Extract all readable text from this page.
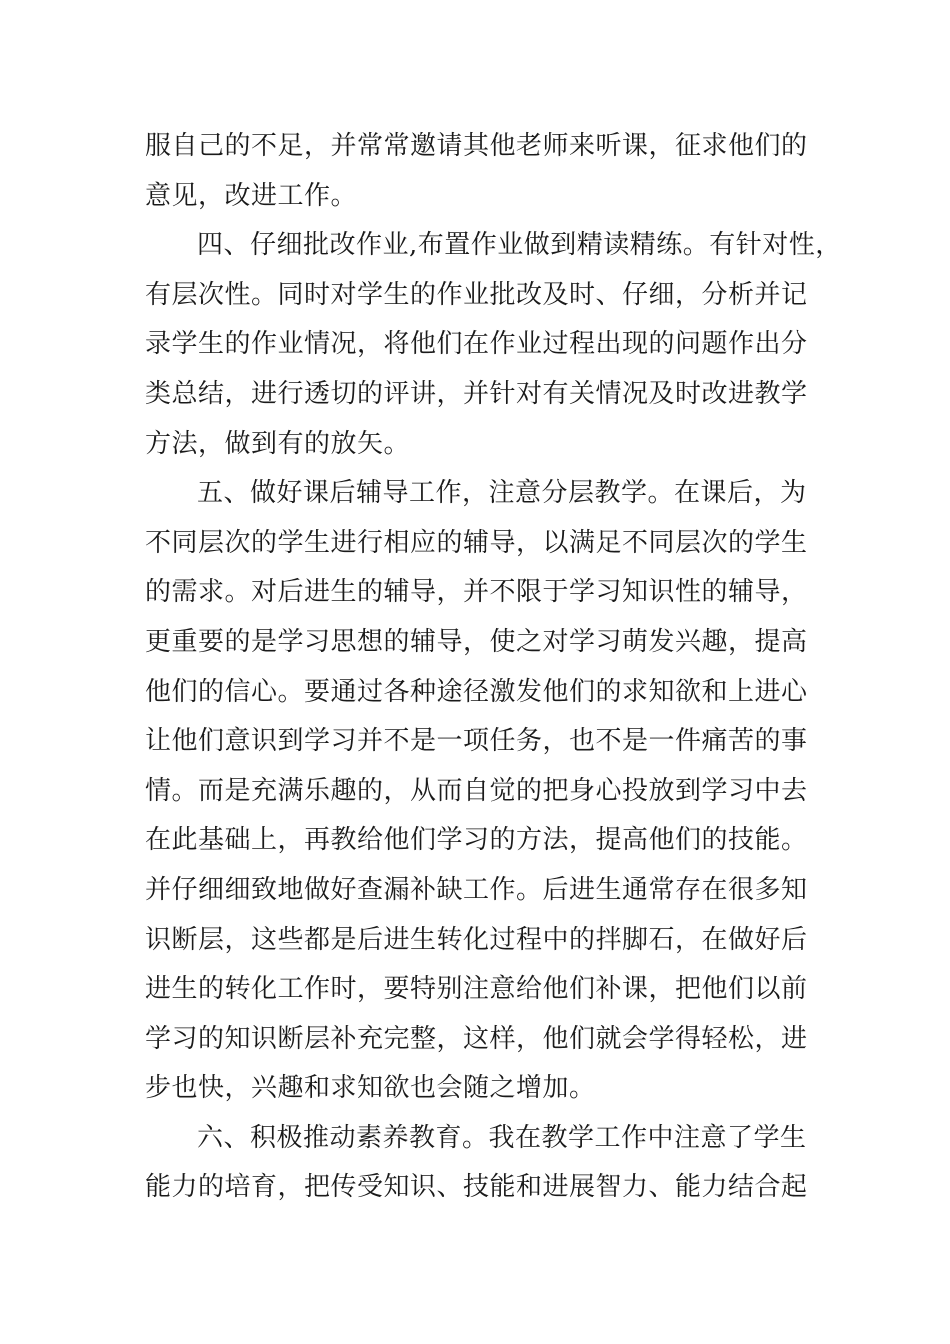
服自己的不足，并常常邀请其他老师来听课，征求他们的
意见，改进工作。
四、仔细批改作业,布置作业做到精读精练。有针对性，
有层次性。同时对学生的作业批改及时、仔细，分析并记
录学生的作业情况，将他们在作业过程出现的问题作出分
类总结，进行透切的评讲，并针对有关情况及时改进教学
方法，做到有的放矢。
五、做好课后辅导工作，注意分层教学。在课后，为
不同层次的学生进行相应的辅导，以满足不同层次的学生
的需求。对后进生的辅导，并不限于学习知识性的辅导，
更重要的是学习思想的辅导，使之对学习萌发兴趣，提高
他们的信心。要通过各种途径激发他们的求知欲和上进心
让他们意识到学习并不是一项任务，也不是一件痛苦的事
情。而是充满乐趣的，从而自觉的把身心投放到学习中去
在此基础上，再教给他们学习的方法，提高他们的技能。
并仔细细致地做好查漏补缺工作。后进生通常存在很多知
识断层，这些都是后进生转化过程中的拌脚石，在做好后
进生的转化工作时，要特别注意给他们补课，把他们以前
学习的知识断层补充完整，这样，他们就会学得轻松，进
步也快，兴趣和求知欲也会随之增加。
六、积极推动素养教育。我在教学工作中注意了学生
能力的培育，把传受知识、技能和进展智力、能力结合起
